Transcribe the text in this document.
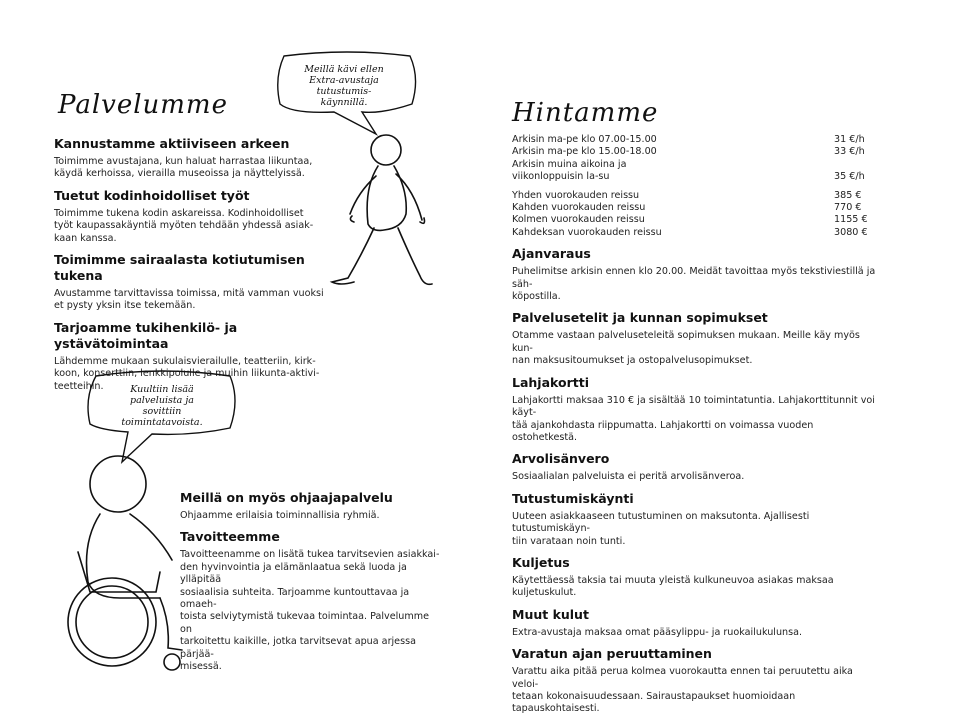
Palvelumme	Hintamme
Meillä kävi ellen
Extra-avustaja
tutustumis-
käynnillä.
Kannustamme aktiiviseen arkeen
Toimimme avustajana, kun haluat harrastaa liikuntaa,
käydä kerhoissa, vierailla museoissa ja näyttelyissä.
Tuetut kodinhoidolliset työt
Toimimme tukena kodin askareissa. Kodinhoidolliset
työt kaupassakäyntiä myöten tehdään yhdessä asiak-
kaan kanssa.
Toimimme sairaalasta kotiutumisen tukena
Avustamme tarvittavissa toimissa, mitä vamman vuoksi
et pysty yksin itse tekemään.
Tarjoamme tukihenkilö- ja ystävätoimintaa
Lähdemme mukaan sukulaisvierailulle, teatteriin, kirk-
koon, konserttiin, lenkkipolulle ja muihin liikunta-aktivi-
teetteihin.	Kuultiin lisää
palveluista ja
sovittiin
toimintatavoista.
Meillä on myös ohjaajapalvelu
Ohjaamme erilaisia toiminnallisia ryhmiä.
Tavoitteemme
Tavoitteenamme on lisätä tukea tarvitsevien asiakkai-
den hyvinvointia ja elämänlaatua sekä luoda ja ylläpitää
sosiaalisia suhteita. Tarjoamme kuntouttavaa ja omaeh-
toista selviytymistä tukevaa toimintaa. Palvelumme on
tarkoitettu kaikille, jotka tarvitsevat apua arjessa pärjää-
misessä.
Arkisin ma-pe klo 07.00-15.00	31 €/h
Arkisin ma-pe klo 15.00-18.00	33 €/h
Arkisin muina aikoina ja
viikonloppuisin la-su	35 €/h
Yhden vuorokauden reissu	385 €
Kahden vuorokauden reissu	770 €
Kolmen vuorokauden reissu	1155 €
Kahdeksan vuorokauden reissu	3080 €
Ajanvaraus
Puhelimitse arkisin ennen klo 20.00. Meidät tavoittaa myös tekstiviestillä ja säh-
köpostilla.
Palvelusetelit ja kunnan sopimukset
Otamme vastaan palveluseteleitä sopimuksen mukaan. Meille käy myös kun-
nan maksusitoumukset ja ostopalvelusopimukset.
Lahjakortti
Lahjakortti maksaa 310 € ja sisältää 10 toimintatuntia. Lahjakorttitunnit voi käyt-
tää ajankohdasta riippumatta. Lahjakortti on voimassa vuoden ostohetkestä.
Arvolisänvero
Sosiaalialan palveluista ei peritä arvolisänveroa.
Tutustumiskäynti
Uuteen asiakkaaseen tutustuminen on maksutonta. Ajallisesti tutustumiskäyn-
tiin varataan noin tunti.
Kuljetus
Käytettäessä taksia tai muuta yleistä kulkuneuvoa asiakas maksaa kuljetuskulut.
Muut kulut
Extra-avustaja maksaa omat pääsylippu- ja ruokailukulunsa.
Varatun ajan peruuttaminen
Varattu aika pitää perua kolmea vuorokautta ennen tai peruutettu aika veloi-
tetaan kokonaisuudessaan. Sairaustapaukset huomioidaan tapauskohtaisesti.
